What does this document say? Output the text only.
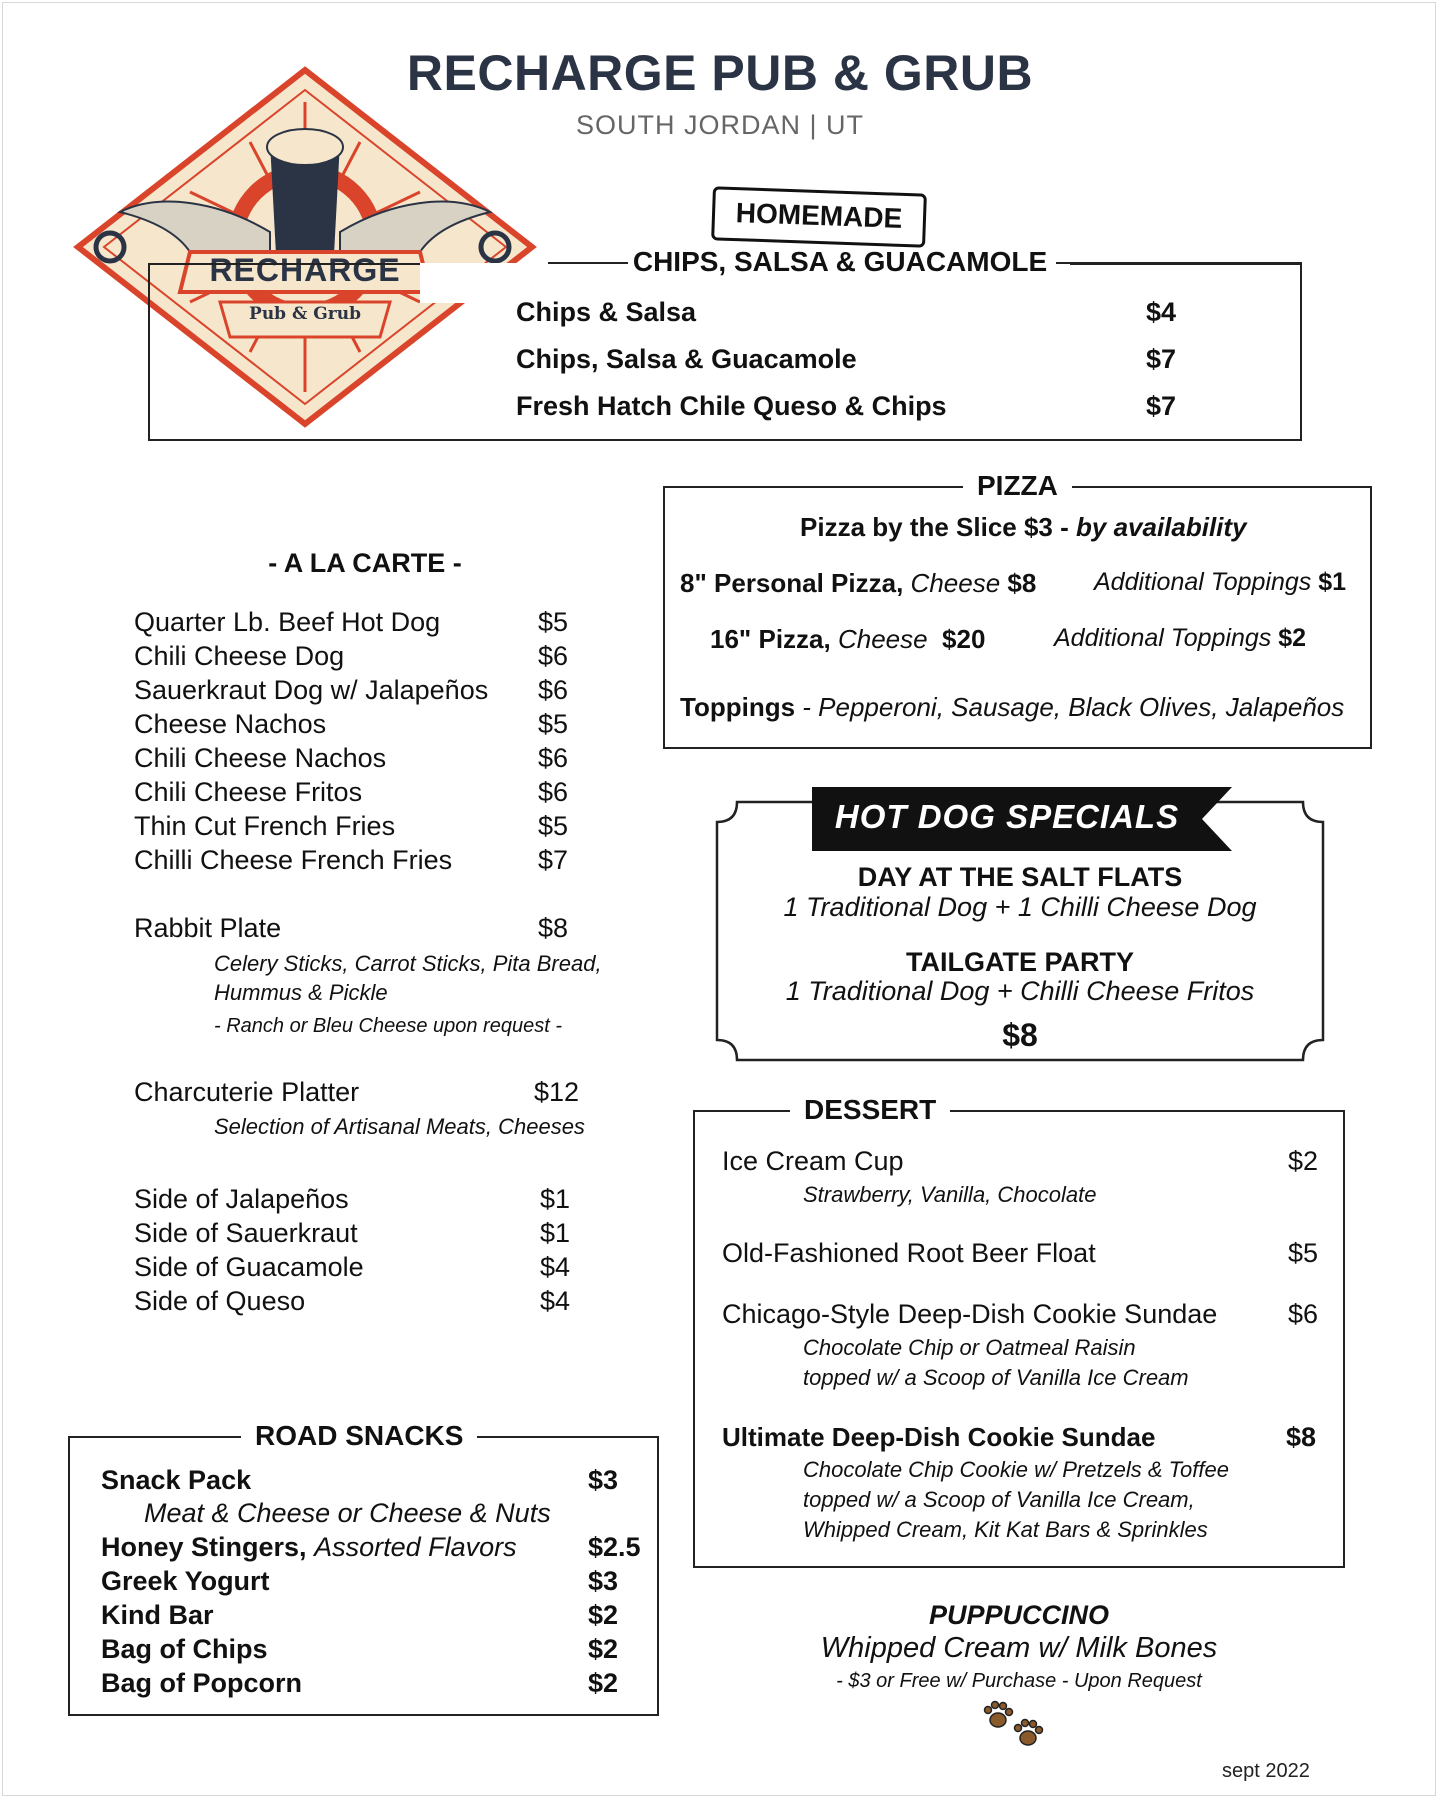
RECHARGE PUB & GRUB
SOUTH JORDAN | UT
RECHARGE
Pub & Grub
CHIPS, SALSA & GUACAMOLE
HOMEMADE
Chips & Salsa	$4
Chips, Salsa & Guacamole	$7
Fresh Hatch Chile Queso & Chips	$7
PIZZA
Pizza by the Slice $3 - by availability
8" Personal Pizza, Cheese $8 Additional Toppings $1
16" Pizza, Cheese $20	Additional Toppings $2
Toppings - Pepperoni, Sausage, Black Olives, Jalapeños
- A LA CARTE -
Quarter Lb. Beef Hot Dog	$5
Chili Cheese Dog	$6
Sauerkraut Dog w/ Jalapeños $6
Cheese Nachos	$5
Chili Cheese Nachos	$6
Chili Cheese Fritos	$6
Thin Cut French Fries	$5
Chilli Cheese French Fries	$7
Rabbit Plate	$8
Celery Sticks, Carrot Sticks, Pita Bread,
Hummus & Pickle
- Ranch or Bleu Cheese upon request -
Charcuterie Platter	$12
Selection of Artisanal Meats, Cheeses
Side of Jalapeños	$1
Side of Sauerkraut	$1
Side of Guacamole	$4
Side of Queso	$4
HOT DOG SPECIALS
DAY AT THE SALT FLATS
1 Traditional Dog + 1 Chilli Cheese Dog
TAILGATE PARTY
1 Traditional Dog + Chilli Cheese Fritos
$8
DESSERT
Ice Cream Cup	$2
Strawberry, Vanilla, Chocolate
Old-Fashioned Root Beer Float	$5
Chicago-Style Deep-Dish Cookie Sundae	$6
Chocolate Chip or Oatmeal Raisin
topped w/ a Scoop of Vanilla Ice Cream
Ultimate Deep-Dish Cookie Sundae	$8
Chocolate Chip Cookie w/ Pretzels & Toffee
topped w/ a Scoop of Vanilla Ice Cream,
Whipped Cream, Kit Kat Bars & Sprinkles
ROAD SNACKS
Snack Pack	$3
Meat & Cheese or Cheese & Nuts
Honey Stingers, Assorted Flavors	$2.5
Greek Yogurt	$3
Kind Bar	$2
Bag of Chips	$2
Bag of Popcorn	$2
PUPPUCCINO
Whipped Cream w/ Milk Bones
- $3 or Free w/ Purchase - Upon Request
sept 2022
